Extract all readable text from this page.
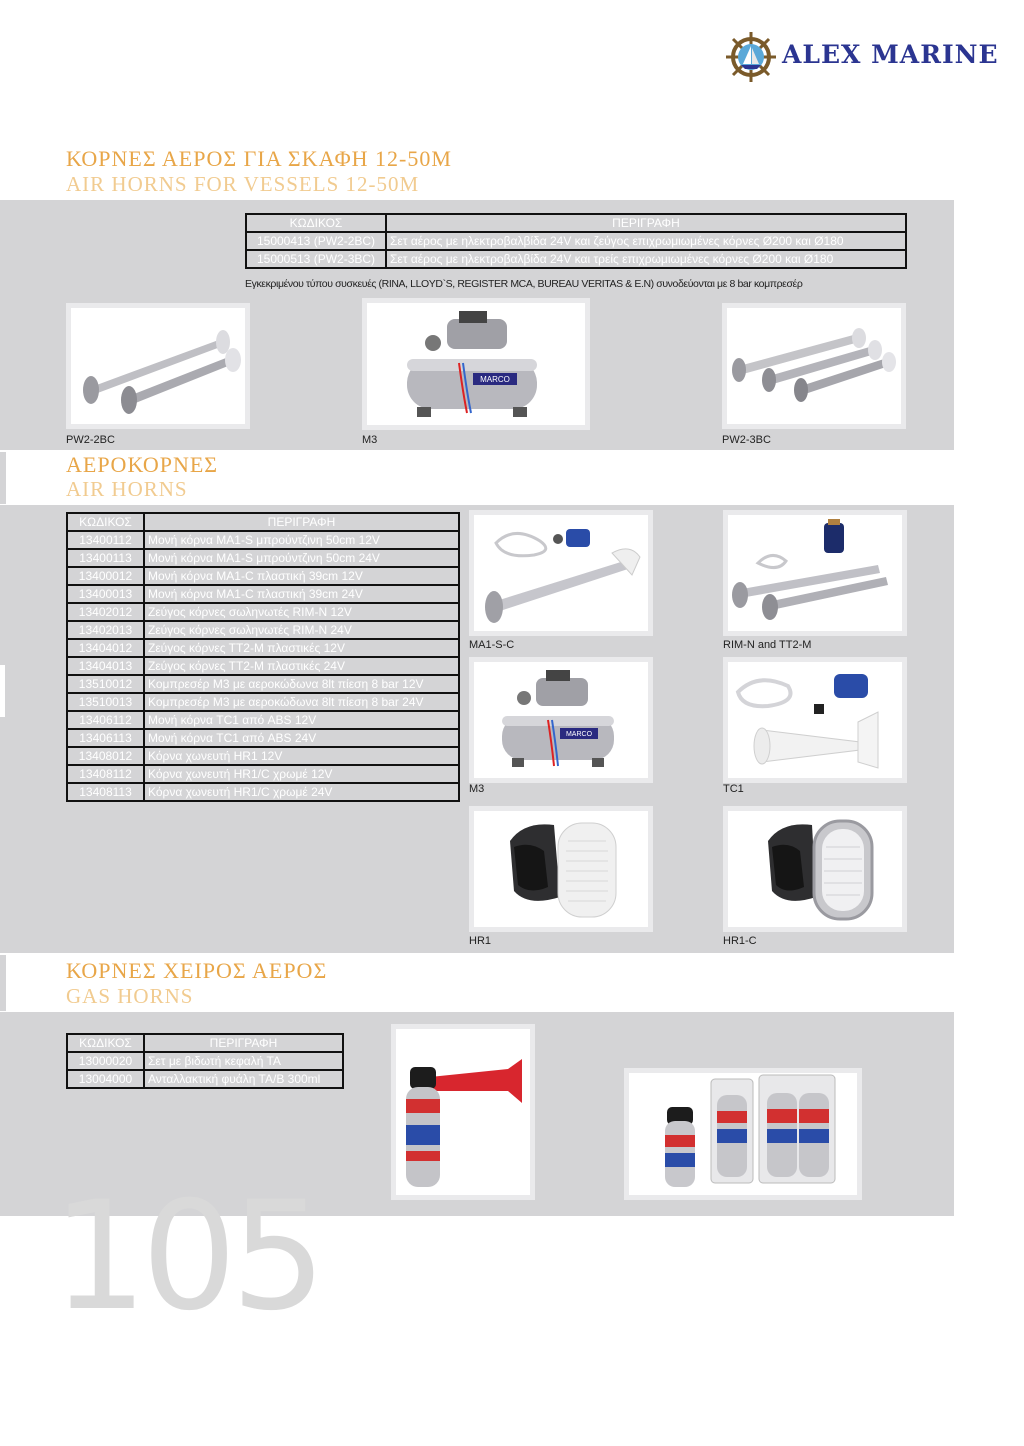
ALEX MARINE
ΚΟΡΝΕΣ ΑΕΡΟΣ ΓΙΑ ΣΚΑΦΗ 12-50Μ
AIR HORNS FOR VESSELS 12-50M
ΚΩΔΙΚΟΣ	ΠΕΡΙΓΡΑΦΗ
15000413 (PW2-2BC)	Σετ αέρος με ηλεκτροβαλβίδα 24V και ζεύγος επιχρωμιωμένες κόρνες Ø200 και Ø180
15000513 (PW2-3BC)	Σετ αέρος με ηλεκτροβαλβίδα 24V και τρείς επιχρωμιωμένες κόρνες Ø200 και Ø180
Εγκεκριμένου τύπου συσκευές (RINA, LLOYD`S, REGISTER MCA, BUREAU VERITAS & E.N) συνοδεύονται με 8 bar κομπρεσέρ
PW2-2BC
MARCO
M3	PW2-3BC
ΑΕΡΟΚΟΡΝΕΣ
AIR HORNS
ΚΩΔΙΚΟΣ	ΠΕΡΙΓΡΑΦΗ
13400112	Μονή κόρνα ΜΑ1-S μπρούντζινη 50cm 12V
13400113	Μονή κόρνα ΜΑ1-S μπρούντζινη 50cm 24V
13400012	Μονή κόρνα ΜΑ1-C πλαστική 39cm 12V
13400013	Μονή κόρνα ΜΑ1-C πλαστική 39cm 24V
13402012	Ζεύγος κόρνες σωληνωτές RIM-N 12V
13402013	Ζεύγος κόρνες σωληνωτές RIM-N 24V
13404012	Ζεύγος κόρνες ΤΤ2-Μ πλαστικές 12V
13404013	Ζεύγος κόρνες ΤΤ2-Μ πλαστικές 24V
13510012	Κομπρεσέρ Μ3 με αεροκώδωνα 8lt πίεση 8 bar 12V
13510013	Κομπρεσέρ Μ3 με αεροκώδωνα 8lt πίεση 8 bar 24V
13406112	Μονή κόρνα TC1 από ABS 12V
13406113	Μονή κόρνα TC1 από ABS 24V
13408012	Κόρνα χωνευτή HR1 12V
13408112	Κόρνα χωνευτή HR1/C χρωμέ 12V
13408113	Κόρνα χωνευτή HR1/C χρωμέ 24V
MA1-S-C	RIM-N and TT2-M
MARCO
M3	TC1
HR1	HR1-C
ΚΟΡΝΕΣ ΧΕΙΡΟΣ ΑΕΡΟΣ
GAS HORNS
ΚΩΔΙΚΟΣ	ΠΕΡΙΓΡΑΦΗ
13000020	Σετ με βιδωτή κεφαλή ΤΑ
13004000	Ανταλλακτική φυάλη ΤΑ/Β 300ml
105
